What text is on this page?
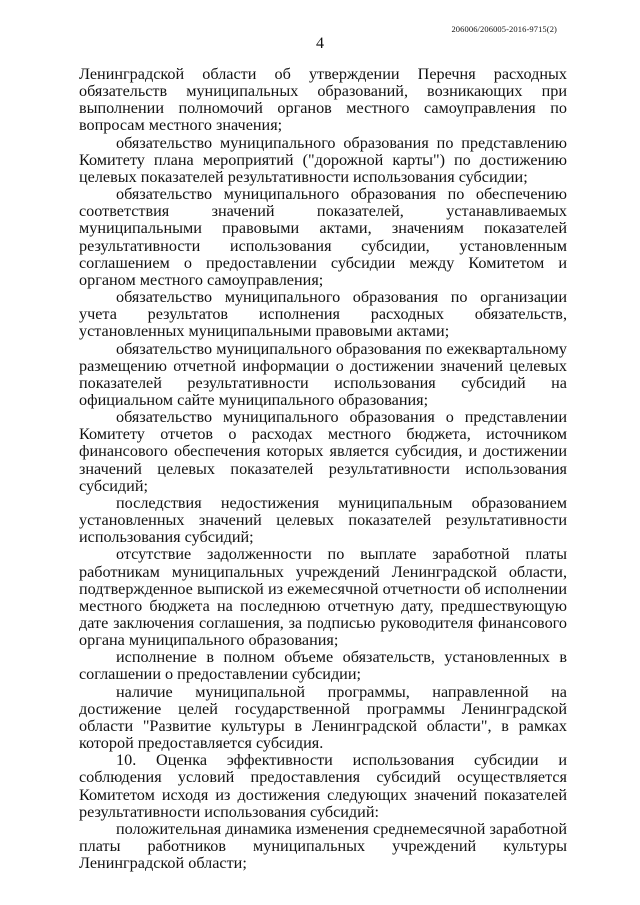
206006/206005-2016-9715(2)
4

Ленинградской области об утверждении Перечня расходных обязательств муниципальных образований, возникающих при выполнении полномочий органов местного самоуправления по вопросам местного значения;

обязательство муниципального образования по представлению Комитету плана мероприятий ("дорожной карты") по достижению целевых показателей результативности использования субсидии;

обязательство муниципального образования по обеспечению соответствия значений показателей, устанавливаемых муниципальными правовыми актами, значениям показателей результативности использования субсидии, установленным соглашением о предоставлении субсидии между Комитетом и органом местного самоуправления;

обязательство муниципального образования по организации учета результатов исполнения расходных обязательств, установленных муниципальными правовыми актами;

обязательство муниципального образования по ежеквартальному размещению отчетной информации о достижении значений целевых показателей результативности использования субсидий на официальном сайте муниципального образования;

обязательство муниципального образования о представлении Комитету отчетов о расходах местного бюджета, источником финансового обеспечения которых является субсидия, и достижении значений целевых показателей результативности использования субсидий;

последствия недостижения муниципальным образованием установленных значений целевых показателей результативности использования субсидий;

отсутствие задолженности по выплате заработной платы работникам муниципальных учреждений Ленинградской области, подтвержденное выпиской из ежемесячной отчетности об исполнении местного бюджета на последнюю отчетную дату, предшествующую дате заключения соглашения, за подписью руководителя финансового органа муниципального образования;

исполнение в полном объеме обязательств, установленных в соглашении о предоставлении субсидии;

наличие муниципальной программы, направленной на достижение целей государственной программы Ленинградской области "Развитие культуры в Ленинградской области", в рамках которой предоставляется субсидия.

10. Оценка эффективности использования субсидии и соблюдения условий предоставления субсидий осуществляется Комитетом исходя из достижения следующих значений показателей результативности использования субсидий:

положительная динамика изменения среднемесячной заработной платы работников муниципальных учреждений культуры Ленинградской области;
